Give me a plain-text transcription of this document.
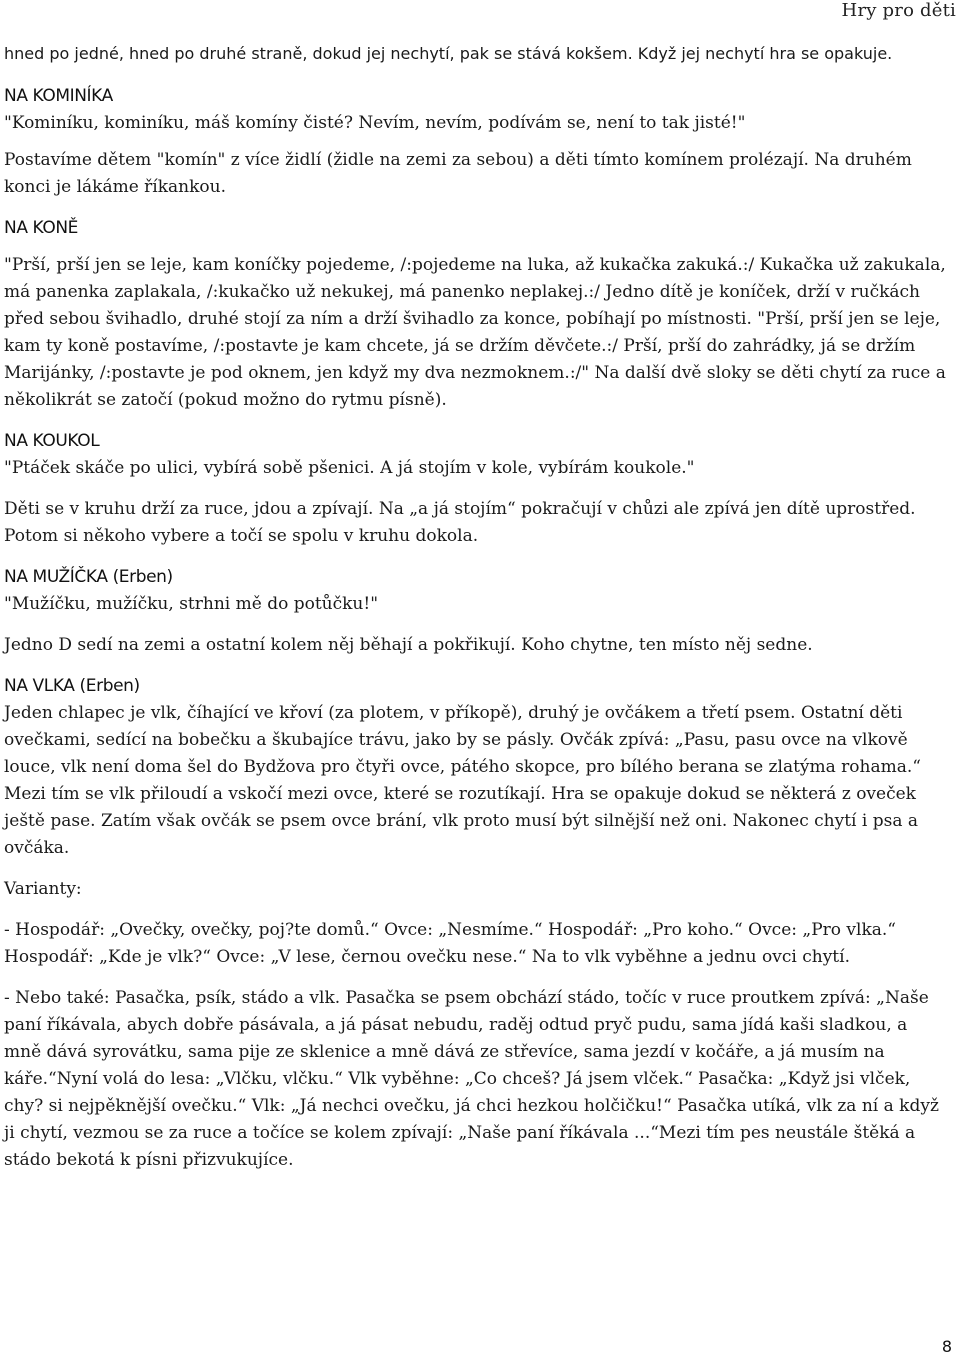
Hry pro děti

hned po jedné, hned po druhé straně, dokud jej nechytí, pak se stává kokšem. Když jej nechytí hra se opakuje.

NA KOMINÍKA

"Kominíku, kominíku, máš komíny čisté? Nevím, nevím, podívám se, není to tak jisté!"

Postavíme dětem "komín" z více židlí (židle na zemi za sebou) a děti tímto komínem prolézají. Na druhém konci je lákáme říkankou.

NA KONĚ

"Prší, prší jen se leje, kam koníčky pojedeme, /:pojedeme na luka, až kukačka zakuká.:/ Kukačka už zakukala, má panenka zaplakala, /:kukačko už nekukej, má panenko neplakej.:/ Jedno dítě je koníček, drží v ručkách před sebou švihadlo, druhé stojí za ním a drží švihadlo za konce, pobíhají po místnosti. "Prší, prší jen se leje, kam ty koně postavíme, /:postavte je kam chcete, já se držím děvčete.:/ Prší, prší do zahrádky, já se držím Marijánky, /:postavte je pod oknem, jen když my dva nezmoknem.:/" Na další dvě sloky se děti chytí za ruce a několikrát se zatočí (pokud možno do rytmu písně).

NA KOUKOL

"Ptáček skáče po ulici, vybírá sobě pšenici. A já stojím v kole, vybírám koukole."

Děti se v kruhu drží za ruce, jdou a zpívají. Na „a já stojím“ pokračují v chůzi ale zpívá jen dítě uprostřed. Potom si někoho vybere a točí se spolu v kruhu dokola.

NA MUŽÍČKA (Erben)

"Mužíčku, mužíčku, strhni mě do potůčku!"

Jedno D sedí na zemi a ostatní kolem něj běhají a pokřikují. Koho chytne, ten místo něj sedne.

NA VLKA (Erben)

Jeden chlapec je vlk, číhající ve křoví (za plotem, v příkopě), druhý je ovčákem a třetí psem. Ostatní děti ovečkami, sedící na bobečku a škubajíce trávu, jako by se pásly. Ovčák zpívá: „Pasu, pasu ovce na vlkově louce, vlk není doma šel do Bydžova pro čtyři ovce, pátého skopce, pro bílého berana se zlatýma rohama.“ Mezi tím se vlk přiloudí a vskočí mezi ovce, které se rozutíkají. Hra se opakuje dokud se některá z oveček ještě pase. Zatím však ovčák se psem ovce brání, vlk proto musí být silnější než oni. Nakonec chytí i psa a ovčáka.

Varianty:

- Hospodář: „Ovečky, ovečky, poj?te domů.“ Ovce: „Nesmíme.“ Hospodář: „Pro koho.“ Ovce: „Pro vlka.“ Hospodář: „Kde je vlk?“ Ovce: „V lese, černou ovečku nese.“ Na to vlk vyběhne a jednu ovci chytí.

- Nebo také: Pasačka, psík, stádo a vlk. Pasačka se psem obchází stádo, točíc v ruce proutkem zpívá: „Naše paní říkávala, abych dobře pásávala, a já pásat nebudu, raděj odtud pryč pudu, sama jídá kaši sladkou, a mně dává syrovátku, sama pije ze sklenice a mně dává ze střevíce, sama jezdí v kočáře, a já musím na káře.“Nyní volá do lesa: „Vlčku, vlčku.“ Vlk vyběhne: „Co chceš? Já jsem vlček.“ Pasačka: „Když jsi vlček, chy? si nejpěknější ovečku.“ Vlk: „Já nechci ovečku, já chci hezkou holčičku!“ Pasačka utíká, vlk za ní a když ji chytí, vezmou se za ruce a točíce se kolem zpívají: „Naše paní říkávala ...“Mezi tím pes neustále štěká a stádo bekotá k písni přizvukujíce.

8
